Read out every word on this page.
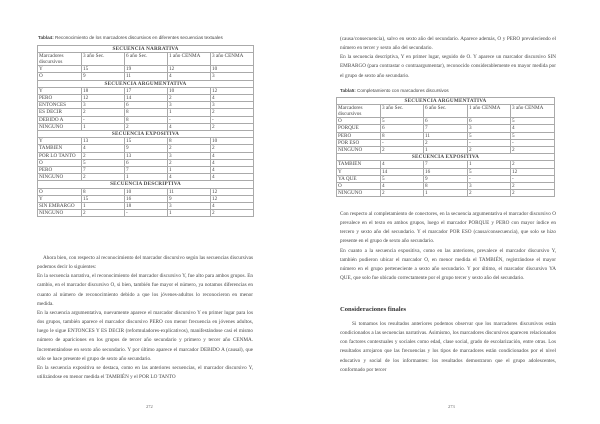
Tabla4: Reconocimiento de los marcadores discursivos en diferentes secuencias textuales
SECUENCIA NARRATIVA				
Marcadores discursivos	3 año Sec.	6 año Sec.	1 año CENMA	3 año CENMA
Y	15	19	12	10
O	9	11	4	3
SECUENCIA ARGUMENTATIVA				
Y	18	17	10	12
PERO	12	14	2	4
ENTONCES	3	6	3	3
ES DECIR	2	8	1	2
DEBIDO A	-	8	-	-
NINGUNO	1	2	4	2
SECUENCIA EXPOSITIVA				
Y	13	15	8	10
TAMBIEN	4	9	2	2
POR LO TANTO	2	13	3	4
O	5	6	2	4
PERO	7	7	1	4
NINGUNO	2	1	4	4
SECUENCIA DESCRIPTIVA				
O	8	10	11	12
Y	15	16	9	12
SIN EMBARGO	1	18	3	4
NINGUNO	2	-	1	2

Ahora bien, con respecto al reconocimiento del marcador discursivo según las secuencias discursivas podemos decir lo siguientes:

En la secuencia narrativa, el reconocimiento del marcador discursivo Y, fue alto para ambos grupos. En cambio, en el marcador discursivo O, si bien, también fue mayor el número, ya notamos diferencias en cuanto al número de reconocimiento debido a que los jóvenes-adultos lo reconocieron en menor medida.

En la secuencia argumentativa, nuevamente aparece el marcador discursivo Y en primer lugar para los dos grupos, también aparece el marcador discursivo PERO con menor frecuencia en jóvenes adultos, luego le sigue ENTONCES Y ES DECIR (reformuladores-explicativos), manifestándose casi el mismo número de apariciones en los grupos de tercer año secundario y primero y tercer año CENMA. Incrementándose en sexto año secundario. Y por último aparece el marcador DEBIDO A (causal), que sólo se hace presente el grupo de sexto año secundario.

En la secuencia expositiva se destaca, como en las anteriores secuencias, el marcador discursivo Y, utilizándose en menor medida el TAMBIÉN y el POR LO TANTO

272

(causa/consecuencia), salvo en sexto año del secundario. Aparece además, O y PERO prevaleciendo el número en tercer y sexto año del secundario.

En la secuencia descriptiva, Y en primer lugar, seguido de O. Y aparece un marcador discursivo SIN EMBARGO (para contrastar o contraargumentar), reconocido considerablemente en mayor medida por el grupo de sexto año secundario.

Tabla5: Completamiento con marcadores discursivos
SECUENCIA ARGUMENTATIVA				
Marcadores discursivos	3 año Sec.	6 año Sec.	1 año CENMA	3 año CENMA
O	5	6	6	5
PORQUE	6	7	3	4
PERO	8	11	5	5
POR ESO	-	2	-	-
NINGUNO	2	1	2	2
SECUENCIA EXPOSITIVA				
TAMBIÉN	4	7	1	2
Y	14	16	5	12
YA QUE	5	9	-	-
O	4	8	3	2
NINGUNO	2	1	2	2

Con respecto al completamiento de conectores, en la secuencia argumentativa el marcador discursivo O prevalece en el texto en ambos grupos, luego el marcador PORQUE y PERO con mayor índice en tercero y sexto año del secundario. Y el marcador POR ESO (causa/consecuencia), que solo se hizo presente en el grupo de sexto año secundario.

En cuanto a la secuencia expositiva, como en las anteriores, prevalece el marcador discursivo Y, también pudieron ubicar el marcador O, en menor medida el TAMBIÉN, registrándose el mayor número en el grupo perteneciente a sexto año secundario. Y por último, el marcador discursivo YA QUE, que solo fue ubicado correctamente por el grupo tercer y sexto año del secundario.

Consideraciones finales

Si tomamos los resultados anteriores podemos observar que los marcadores discursivos están condicionados a las secuencias narrativas. Asimismo, los marcadores discursivos aparecen relacionados con factores contextuales y sociales como edad, clase social, grado de escolarización, entre otras. Los resultados arrojaron que las frecuencias y los tipos de marcadores están condicionados por el nivel educativo y social de los informantes: los resultados demostraron que el grupo adolescentes, conformado por tercer

273
